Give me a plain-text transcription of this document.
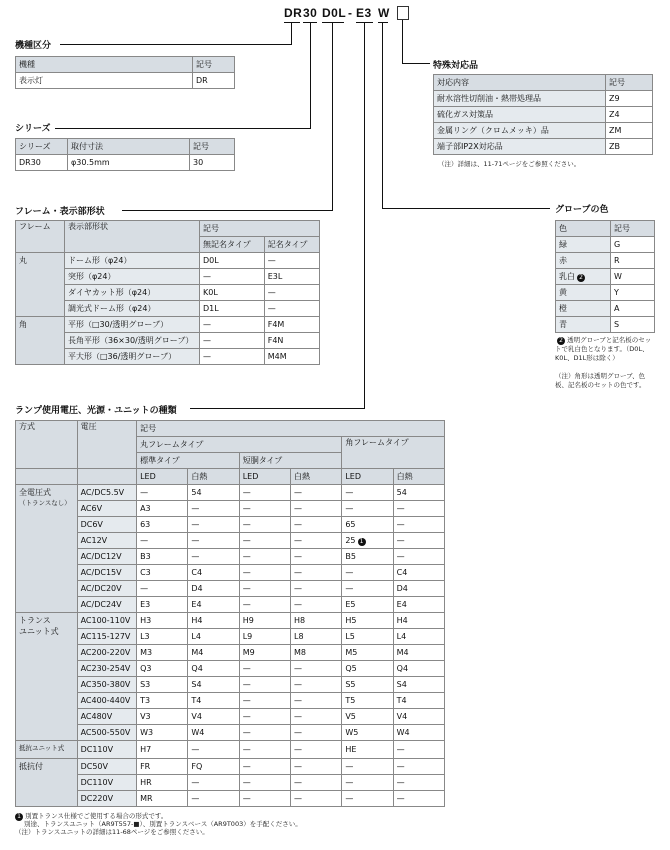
DR 30 D0L - E3 W
機種区分
機種	記号
表示灯	DR
シリーズ
シリーズ	取付寸法	記号
DR30	φ30.5mm	30
フレーム・表示部形状
フレーム	表示部形状	記号	
		無記名タイプ	記名タイプ
丸	ドーム形（φ24）	D0L	—
	突形（φ24）	—	E3L
	ダイヤカット形（φ24）	K0L	—
	調光式ドーム形（φ24）	D1L	—
角	平形（□30/透明グローブ）	—	F4M
	長角平形（36×30/透明グローブ）	—	F4N
	平大形（□36/透明グローブ）	—	M4M
特殊対応品
対応内容	記号
耐水溶性切削油・熱帯処理品	Z9
硫化ガス対策品	Z4
金属リング（クロムメッキ）品	ZM
端子部IP2X対応品	ZB
（注）詳細は、11-71ページをご参照ください。
グローブの色
色	記号
緑	G
赤	R
乳白 2	W
黄	Y
橙	A
青	S
2 透明グローブと記名板のセットで乳白色となります。（D0L、K0L、D1L形は除く）
（注）角形は透明グローブ、色板、記名板のセットの色です。
ランプ使用電圧、光源・ユニットの種類
方式	電圧	記号					
		丸フレームタイプ				角フレームタイプ	
		標準タイプ		短胴タイプ			
		LED	白熱	LED	白熱	LED	白熱

全電圧式
（トランスなし）	AC/DC5.5V	—	54	—	—	—	54
	AC6V	A3	—	—	—	—	—
	DC6V	63	—	—	—	65	—
	AC12V	—	—	—	—	25 1	—
	AC/DC12V	B3	—	—	—	B5	—
	AC/DC15V	C3	C4	—	—	—	C4
	AC/DC20V	—	D4	—	—	—	D4
	AC/DC24V	E3	E4	—	—	E5	E4

トランス
ユニット式	AC100-110V	H3	H4	H9	H8	H5	H4
	AC115-127V	L3	L4	L9	L8	L5	L4
	AC200-220V	M3	M4	M9	M8	M5	M4
	AC230-254V	Q3	Q4	—	—	Q5	Q4
	AC350-380V	S3	S4	—	—	S5	S4
	AC400-440V	T3	T4	—	—	T5	T4
	AC480V	V3	V4	—	—	V5	V4
	AC500-550V	W3	W4	—	—	W5	W4

抵抗ユニット式	DC110V	H7	—	—	—	HE	—

抵抗付	DC50V	FR	FQ	—	—	—	—
	DC110V	HR	—	—	—	—	—
	DC220V	MR	—	—	—	—	—
1 別置トランス仕様でご使用する場合の形式です。
別途、トランスユニット（AR9T557-■）、別置トランスベース（AR9T003）を手配ください。
（注）トランスユニットの詳細は11-68ページをご参照ください。
